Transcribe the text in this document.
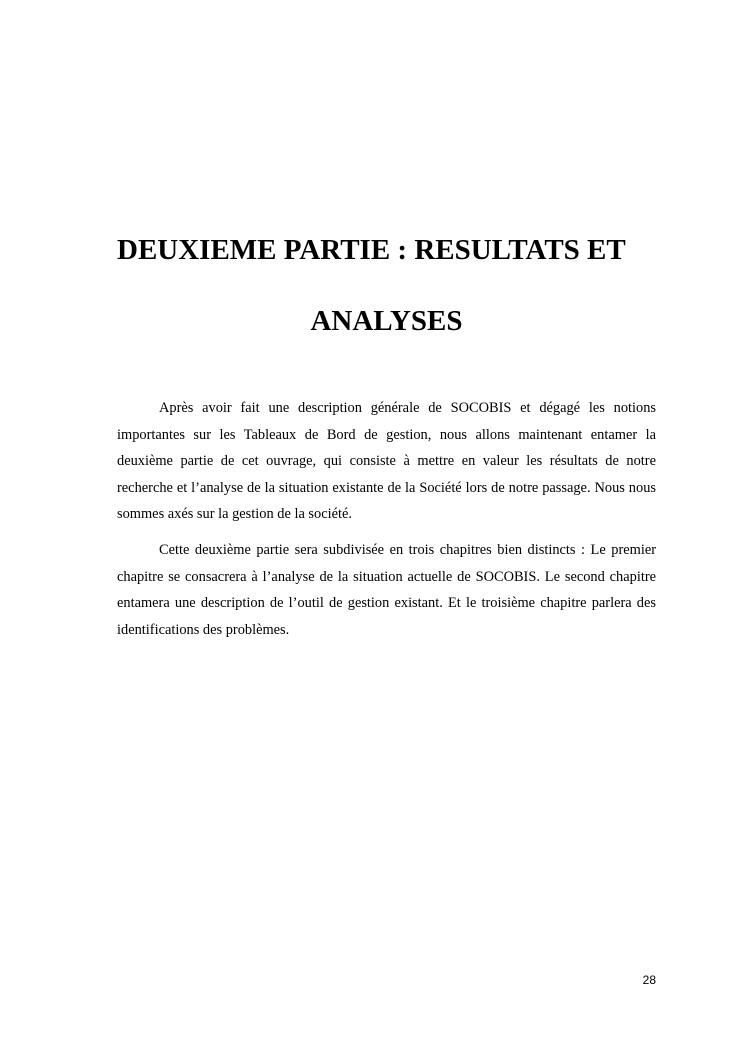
DEUXIEME PARTIE : RESULTATS ET
ANALYSES

Après avoir fait une description générale de SOCOBIS et dégagé les notions importantes sur les Tableaux de Bord de gestion, nous allons maintenant entamer la deuxième partie de cet ouvrage, qui consiste à mettre en valeur les résultats de notre recherche et l’analyse de la situation existante de la Société lors de notre passage. Nous nous sommes axés sur la gestion de la société.

Cette deuxième partie sera subdivisée en trois chapitres bien distincts : Le premier chapitre se consacrera à l’analyse de la situation actuelle de SOCOBIS. Le second chapitre entamera une description de l’outil de gestion existant. Et le troisième chapitre parlera des identifications des problèmes.

28
